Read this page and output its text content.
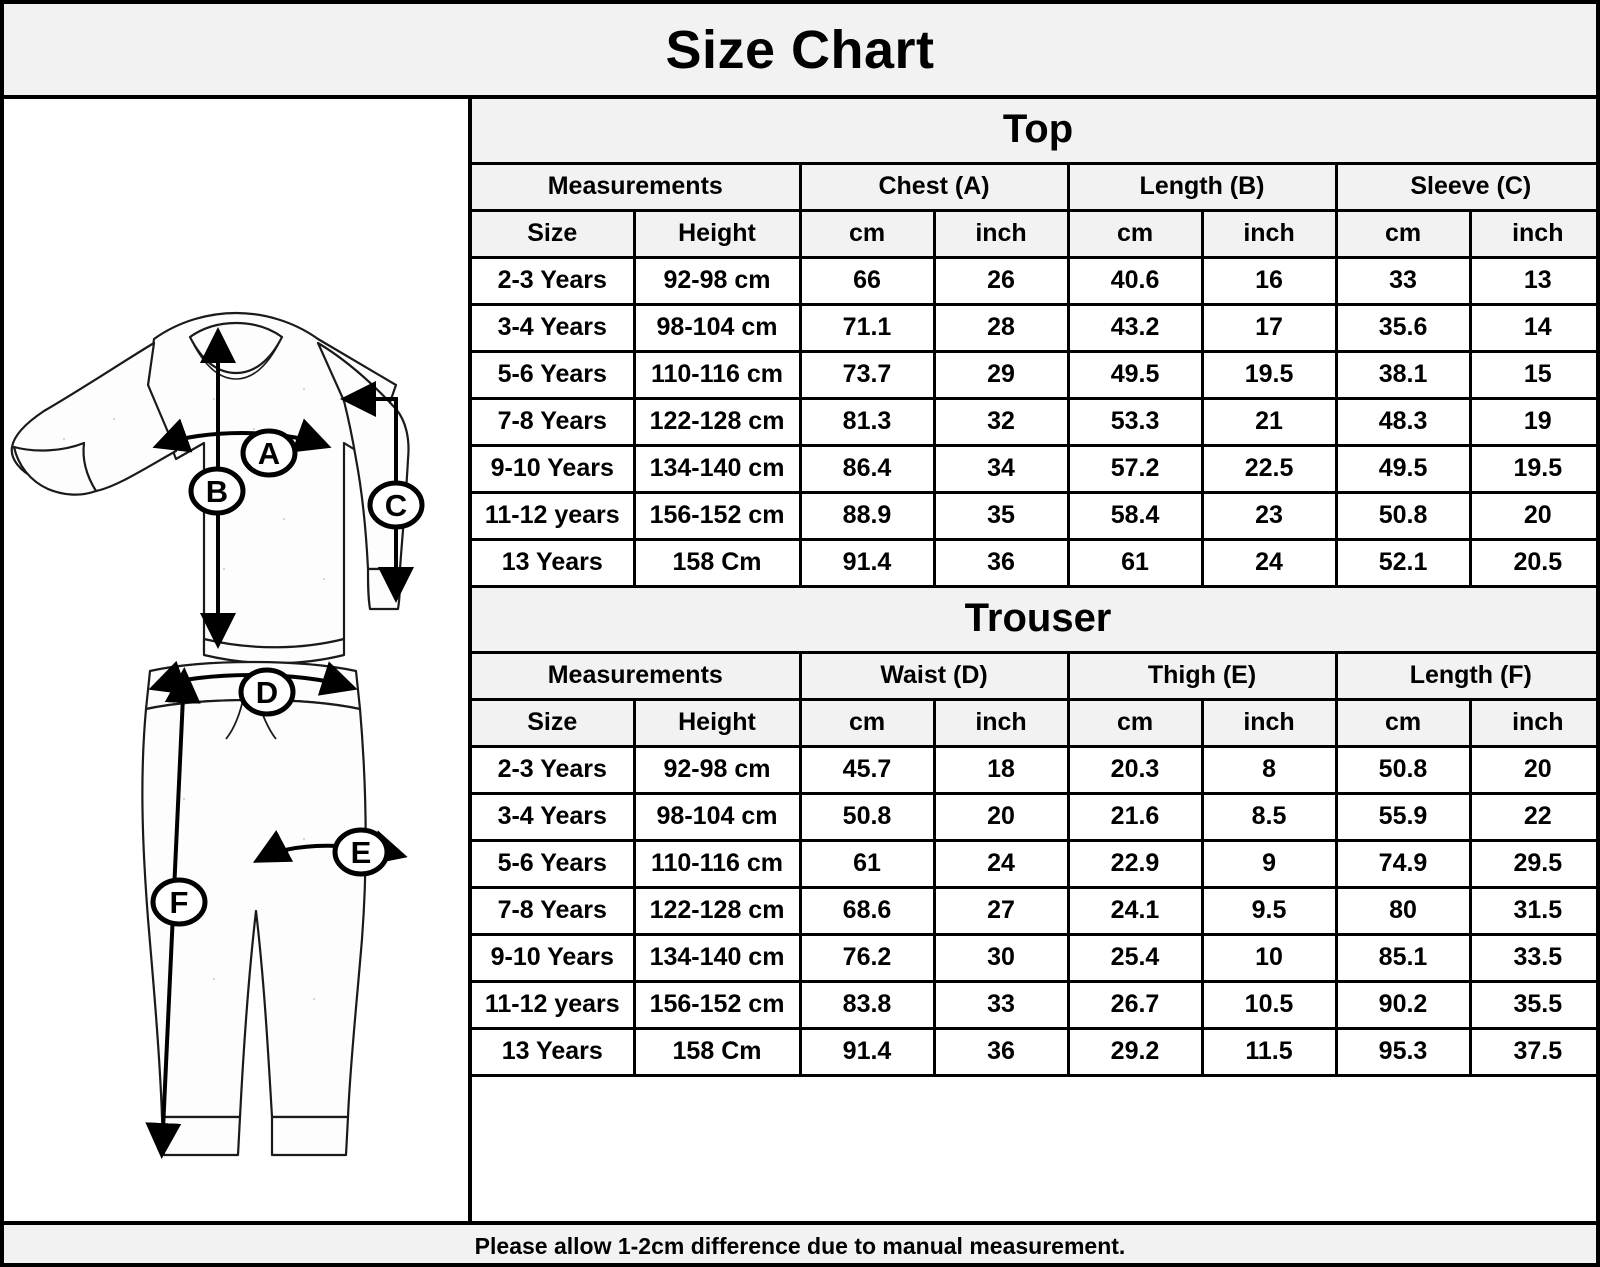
Size Chart
A
B	C
D
E
F
Top
Measurements		Chest (A)		Length (B)		Sleeve (C)	
Size	Height	cm	inch	cm	inch	cm	inch
2-3 Years	92-98 cm	66	26	40.6	16	33	13
3-4 Years	98-104 cm	71.1	28	43.2	17	35.6	14
5-6 Years	110-116 cm	73.7	29	49.5	19.5	38.1	15
7-8 Years	122-128 cm	81.3	32	53.3	21	48.3	19
9-10 Years	134-140 cm	86.4	34	57.2	22.5	49.5	19.5
11-12 years	156-152 cm	88.9	35	58.4	23	50.8	20
13 Years	158 Cm	91.4	36	61	24	52.1	20.5
Trouser
Measurements		Waist (D)		Thigh (E)		Length (F)	
Size	Height	cm	inch	cm	inch	cm	inch
2-3 Years	92-98 cm	45.7	18	20.3	8	50.8	20
3-4 Years	98-104 cm	50.8	20	21.6	8.5	55.9	22
5-6 Years	110-116 cm	61	24	22.9	9	74.9	29.5
7-8 Years	122-128 cm	68.6	27	24.1	9.5	80	31.5
9-10 Years	134-140 cm	76.2	30	25.4	10	85.1	33.5
11-12 years	156-152 cm	83.8	33	26.7	10.5	90.2	35.5
13 Years	158 Cm	91.4	36	29.2	11.5	95.3	37.5
Please allow 1-2cm difference due to manual measurement.
